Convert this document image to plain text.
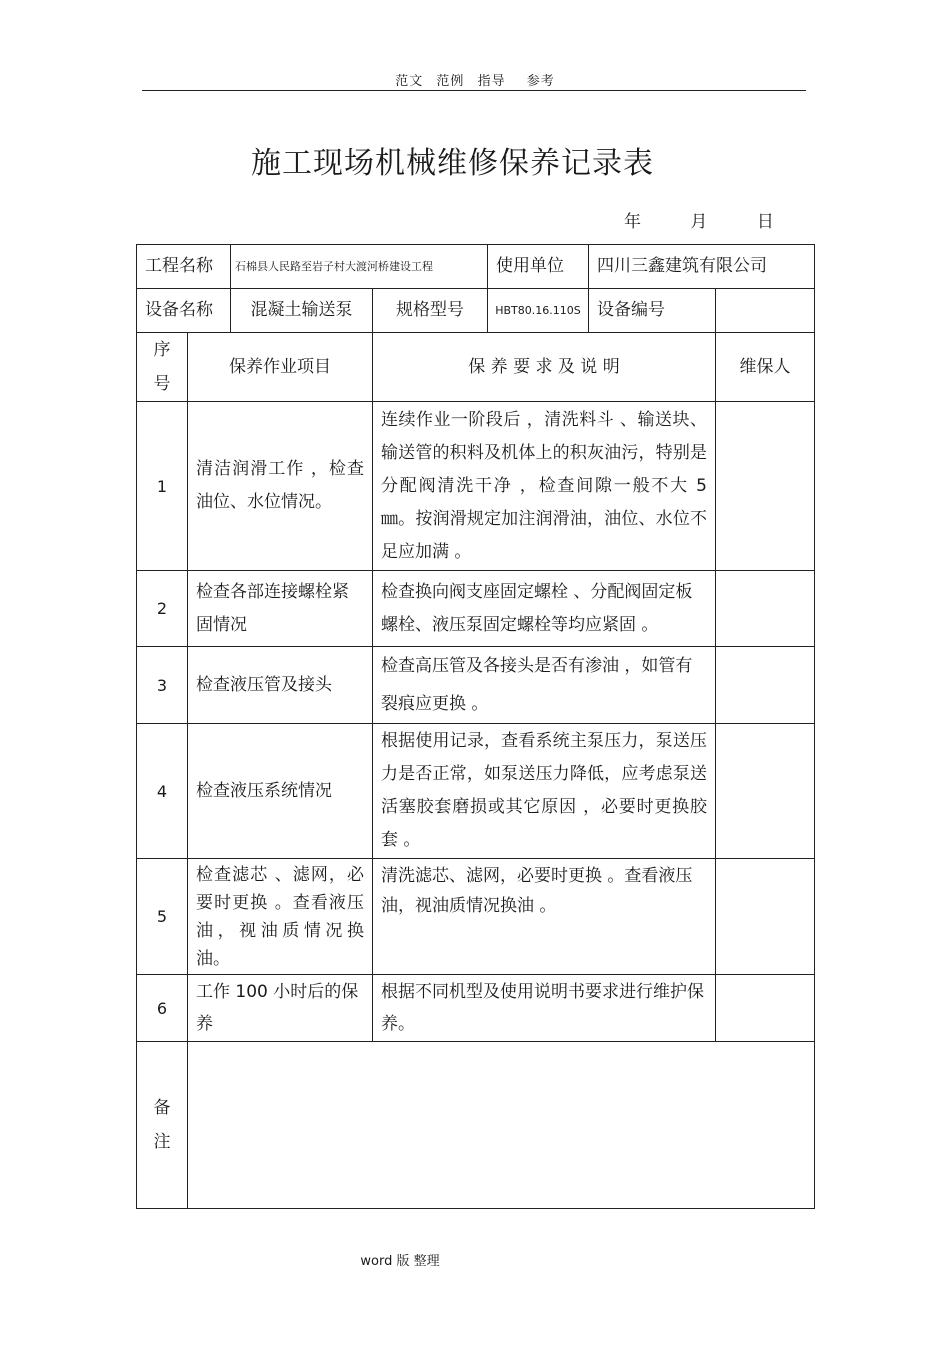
范文 范例 指导 参考
施工现场机械维修保养记录表
年	月	日
工程名称		石棉县人民路至岩子村大渡河桥建设工程		使用单位	四川三鑫建筑有限公司	
设备名称		混凝土输送泵	规格型号	HBT80.16.110S	设备编号	
序号	保养作业项目		保 养 要 求 及 说 明			维保人
1	清洁润滑工作 ，检查油位、水位情况。		连续作业一阶段后 ，清洗料斗 、输送块、输送管的积料及机体上的积灰油污，特别是分配阀清洗干净 ，检查间隙一般不大 5 ㎜。按润滑规定加注润滑油，油位、水位不足应加满 。			
2	检查各部连接螺栓紧固情况		检查换向阀支座固定螺栓 、分配阀固定板螺栓、液压泵固定螺栓等均应紧固 。			
3	检查液压管及接头		检查高压管及各接头是否有渗油 ，如管有裂痕应更换 。			
4	检查液压系统情况		根据使用记录，查看系统主泵压力，泵送压力是否正常，如泵送压力降低，应考虑泵送活塞胶套磨损或其它原因 ，必要时更换胶套 。			
5	检查滤芯 、滤网，必要时更换 。查看液压油，视油质情况换油。		清洗滤芯、滤网，必要时更换 。查看液压油，视油质情况换油 。			
6	工作 100 小时后的保养		根据不同机型及使用说明书要求进行维护保养。			
备注						
word 版 整理
